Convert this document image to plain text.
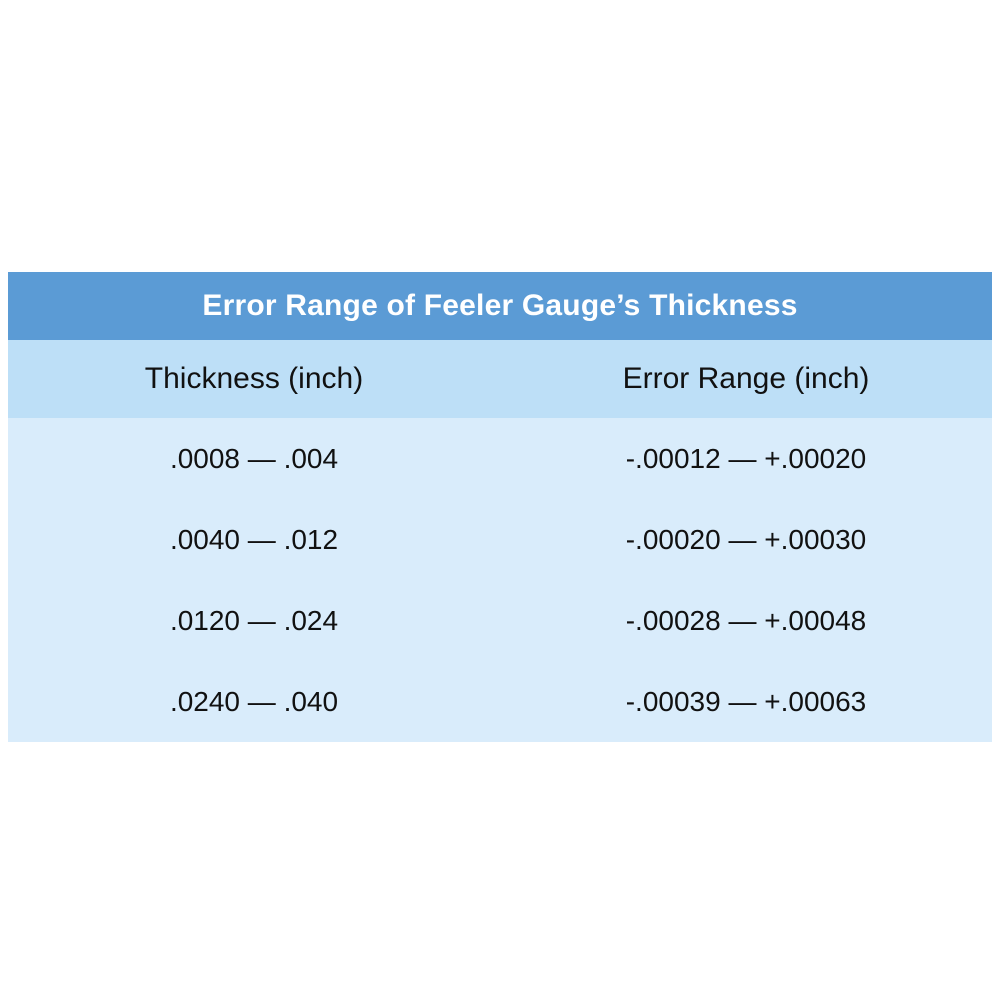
Error Range of Feeler Gauge’s Thickness	
Thickness (inch)	Error Range (inch)
.0008 — .004	-.00012 — +.00020
.0040 — .012	-.00020 — +.00030
.0120 — .024	-.00028 — +.00048
.0240 — .040	-.00039 — +.00063
